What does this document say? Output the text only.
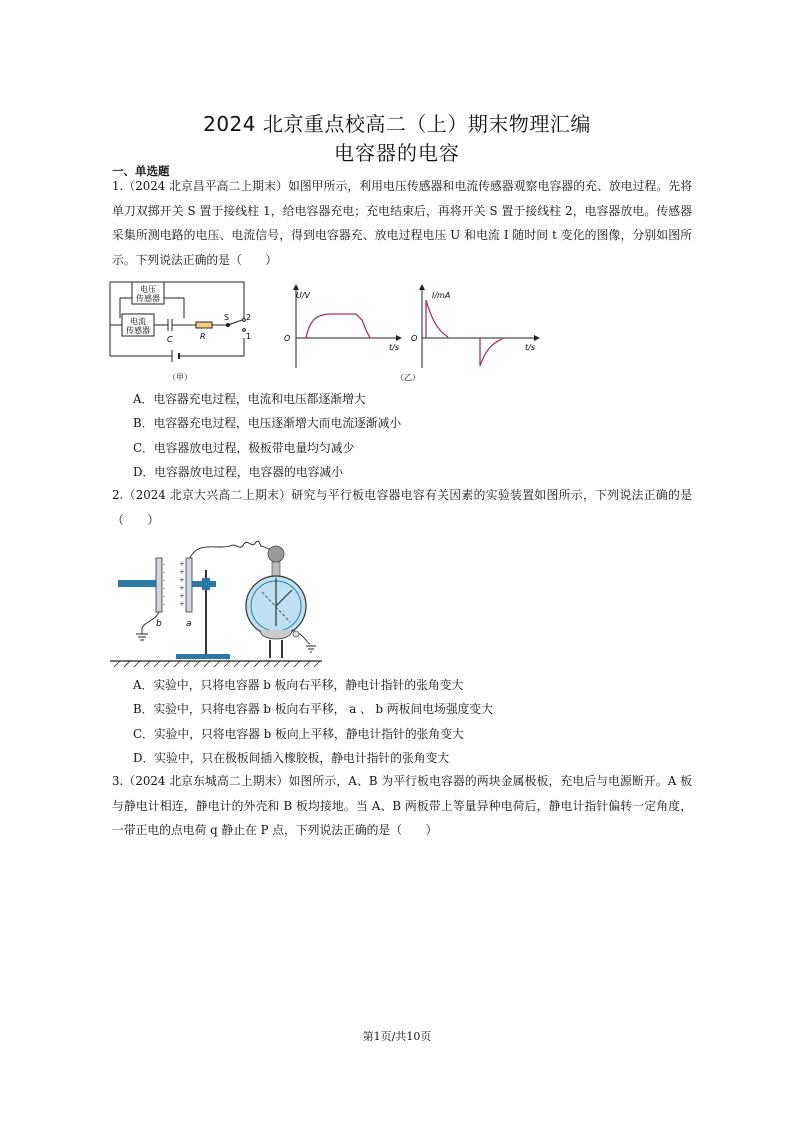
2024 北京重点校高二（上）期末物理汇编
电容器的电容
一、单选题
1.（2024 北京昌平高二上期末）如图甲所示，利用电压传感器和电流传感器观察电容器的充、放电过程。先将单刀双掷开关 S 置于接线柱 1，给电容器充电；充电结束后，再将开关 S 置于接线柱 2，电容器放电。传感器采集所测电路的电压、电流信号，得到电容器充、放电过程电压 U 和电流 I 随时间 t 变化的图像，分别如图所示。下列说法正确的是（　　）
电压
传感器
电流
传感器
C	R
S 2
1
（甲）	（乙）
U/V	I/mA
t/s	t/s
O	O
A．电容器充电过程，电流和电压都逐渐增大
B．电容器充电过程，电压逐渐增大而电流逐渐减小
C．电容器放电过程，极板带电量均匀减少
D．电容器放电过程，电容器的电容减小
2.（2024 北京大兴高二上期末）研究与平行板电容器电容有关因素的实验装置如图所示，下列说法正确的是（　　）
-
-
-
-
-
-
+
+
+
+
+
+
b	a
A．实验中，只将电容器 b 板向右平移，静电计指针的张角变大
B．实验中，只将电容器 b 板向右平移， a 、 b 两板间电场强度变大
C．实验中，只将电容器 b 板向上平移，静电计指针的张角变大
D．实验中，只在极板间插入橡胶板，静电计指针的张角变大
3.（2024 北京东城高二上期末）如图所示，A、B 为平行板电容器的两块金属极板，充电后与电源断开。A 板与静电计相连，静电计的外壳和 B 板均接地。当 A、B 两板带上等量异种电荷后，静电计指针偏转一定角度，一带正电的点电荷 q 静止在 P 点，下列说法正确的是（　　）
第1页/共10页
